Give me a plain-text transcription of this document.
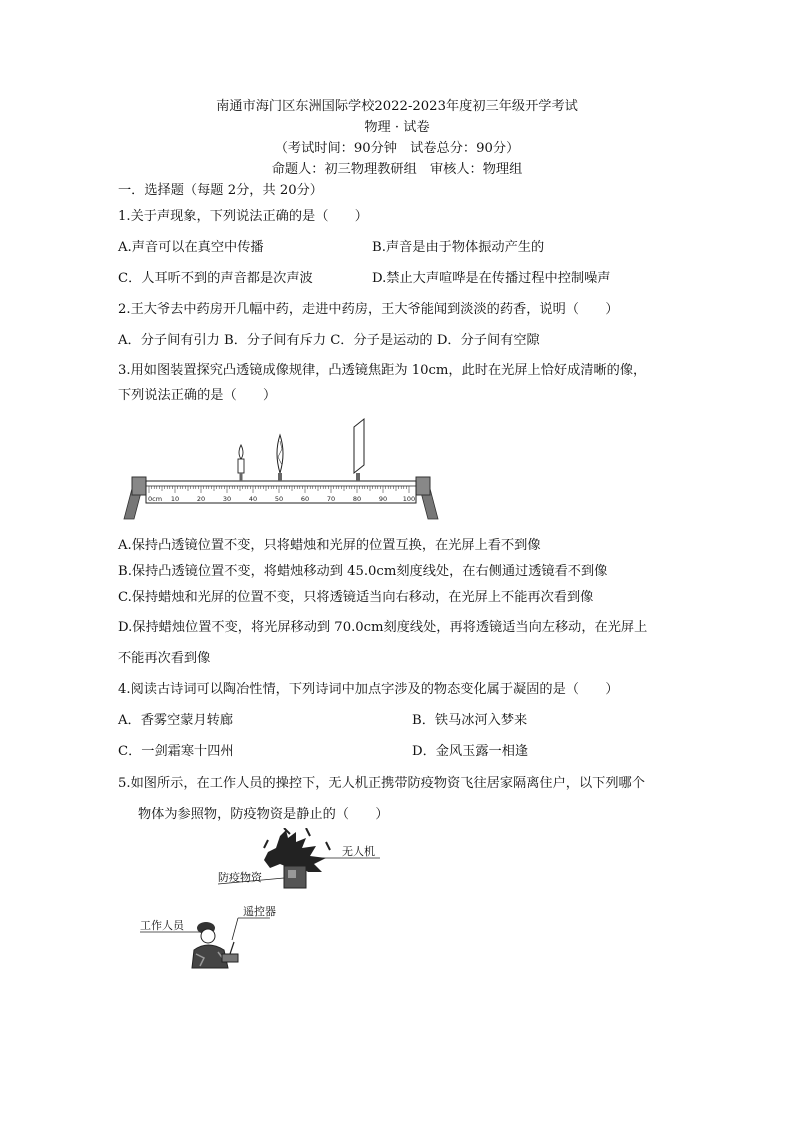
南通市海门区东洲国际学校2022-2023年度初三年级开学考试
物理 · 试卷
（考试时间：90分钟　试卷总分：90分）
命题人：初三物理教研组　审核人：物理组
一．选择题（每题 2分，共 20分）
1.关于声现象，下列说法正确的是（　　）
A.声音可以在真空中传播	B.声音是由于物体振动产生的
C．人耳听不到的声音都是次声波	D.禁止大声喧哗是在传播过程中控制噪声
2.王大爷去中药房开几幅中药，走进中药房，王大爷能闻到淡淡的药香，说明（　　）
A．分子间有引力 B．分子间有斥力 C．分子是运动的 D．分子间有空隙
3.用如图装置探究凸透镜成像规律，凸透镜焦距为 10cm，此时在光屏上恰好成清晰的像，
下列说法正确的是（　　）
0cm 10	20	30	40	50	60	70	80	90 100
A.保持凸透镜位置不变，只将蜡烛和光屏的位置互换，在光屏上看不到像
B.保持凸透镜位置不变，将蜡烛移动到 45.0cm刻度线处，在右侧通过透镜看不到像
C.保持蜡烛和光屏的位置不变，只将透镜适当向右移动，在光屏上不能再次看到像
D.保持蜡烛位置不变，将光屏移动到 70.0cm刻度线处，再将透镜适当向左移动，在光屏上
不能再次看到像
4.阅读古诗词可以陶冶性情，下列诗词中加点字涉及的物态变化属于凝固的是（　　）
A．香雾空蒙月转廊	B．铁马冰河入梦来
C．一剑霜寒十四州	D．金风玉露一相逢
5.如图所示，在工作人员的操控下，无人机正携带防疫物资飞往居家隔离住户，以下列哪个
物体为参照物，防疫物资是静止的（　　）
无人机
防疫物资
遥控器
工作人员
